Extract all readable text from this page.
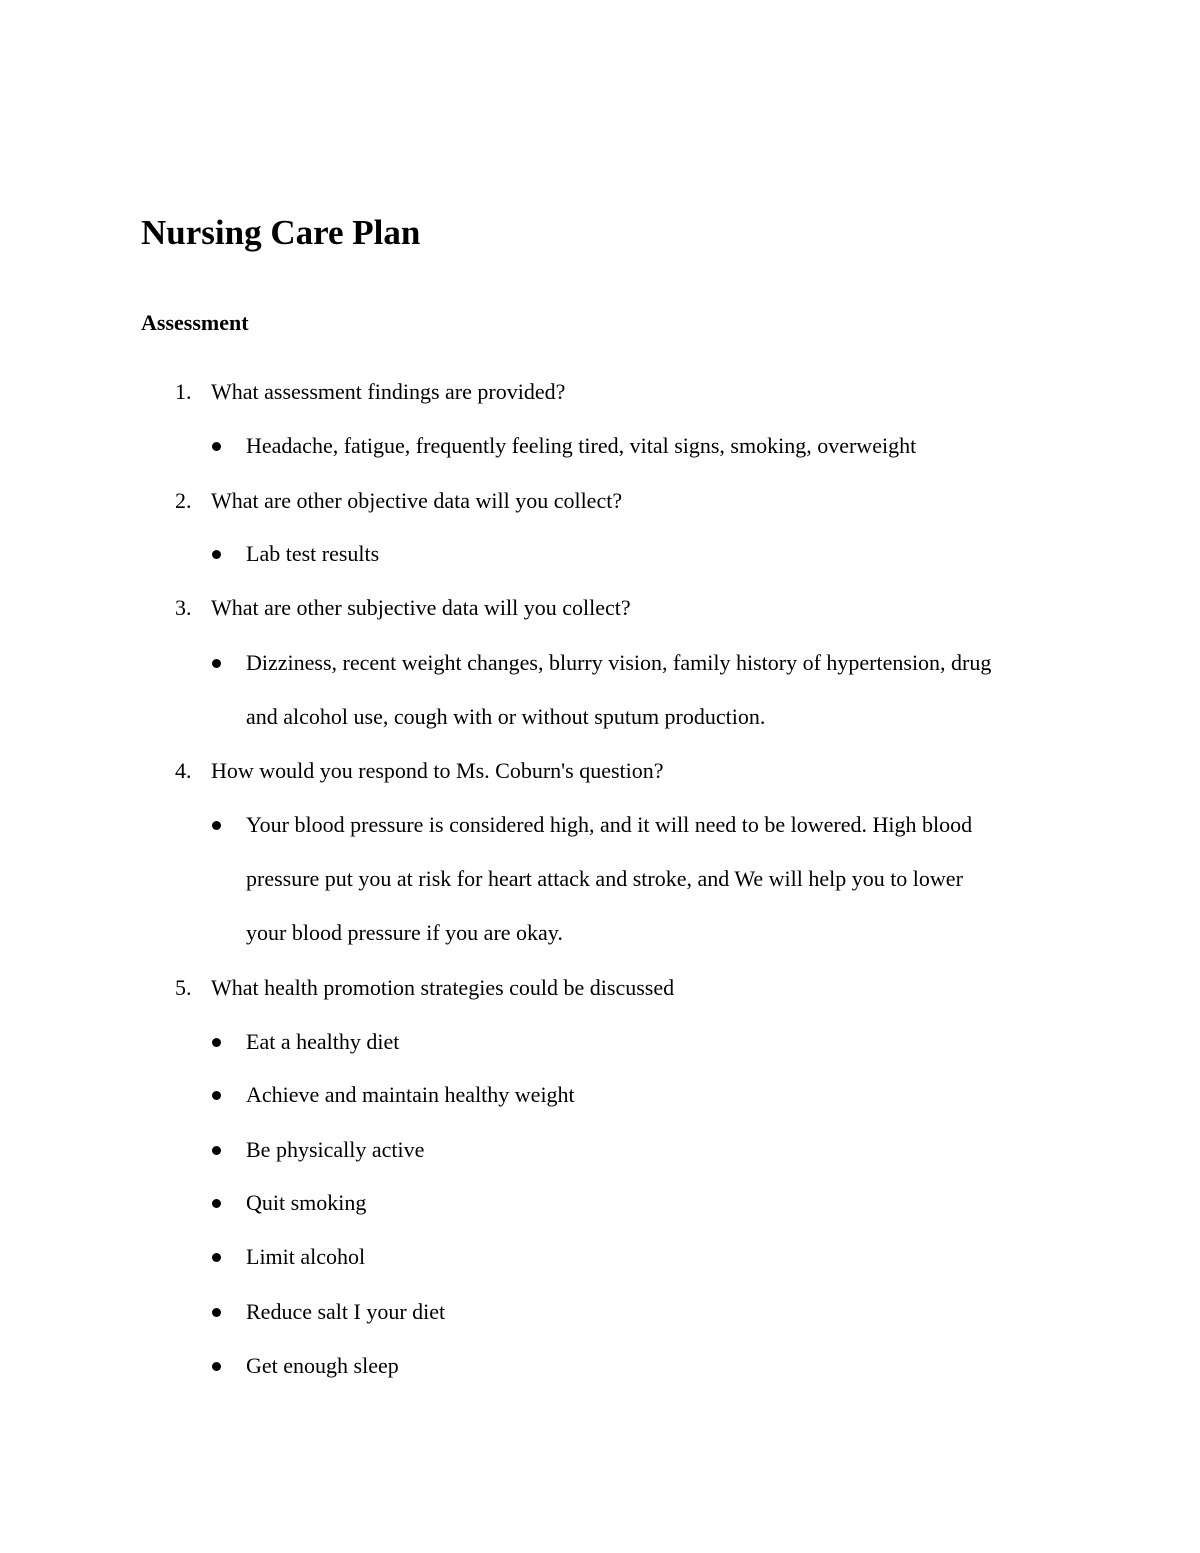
Nursing Care Plan
Assessment
1. What assessment findings are provided?
Headache, fatigue, frequently feeling tired, vital signs, smoking, overweight
2. What are other objective data will you collect?
Lab test results
3. What are other subjective data will you collect?
Dizziness, recent weight changes, blurry vision, family history of hypertension, drug
and alcohol use, cough with or without sputum production.
4. How would you respond to Ms. Coburn's question?
Your blood pressure is considered high, and it will need to be lowered. High blood
pressure put you at risk for heart attack and stroke, and We will help you to lower
your blood pressure if you are okay.
5. What health promotion strategies could be discussed
Eat a healthy diet
Achieve and maintain healthy weight
Be physically active
Quit smoking
Limit alcohol
Reduce salt I your diet
Get enough sleep
